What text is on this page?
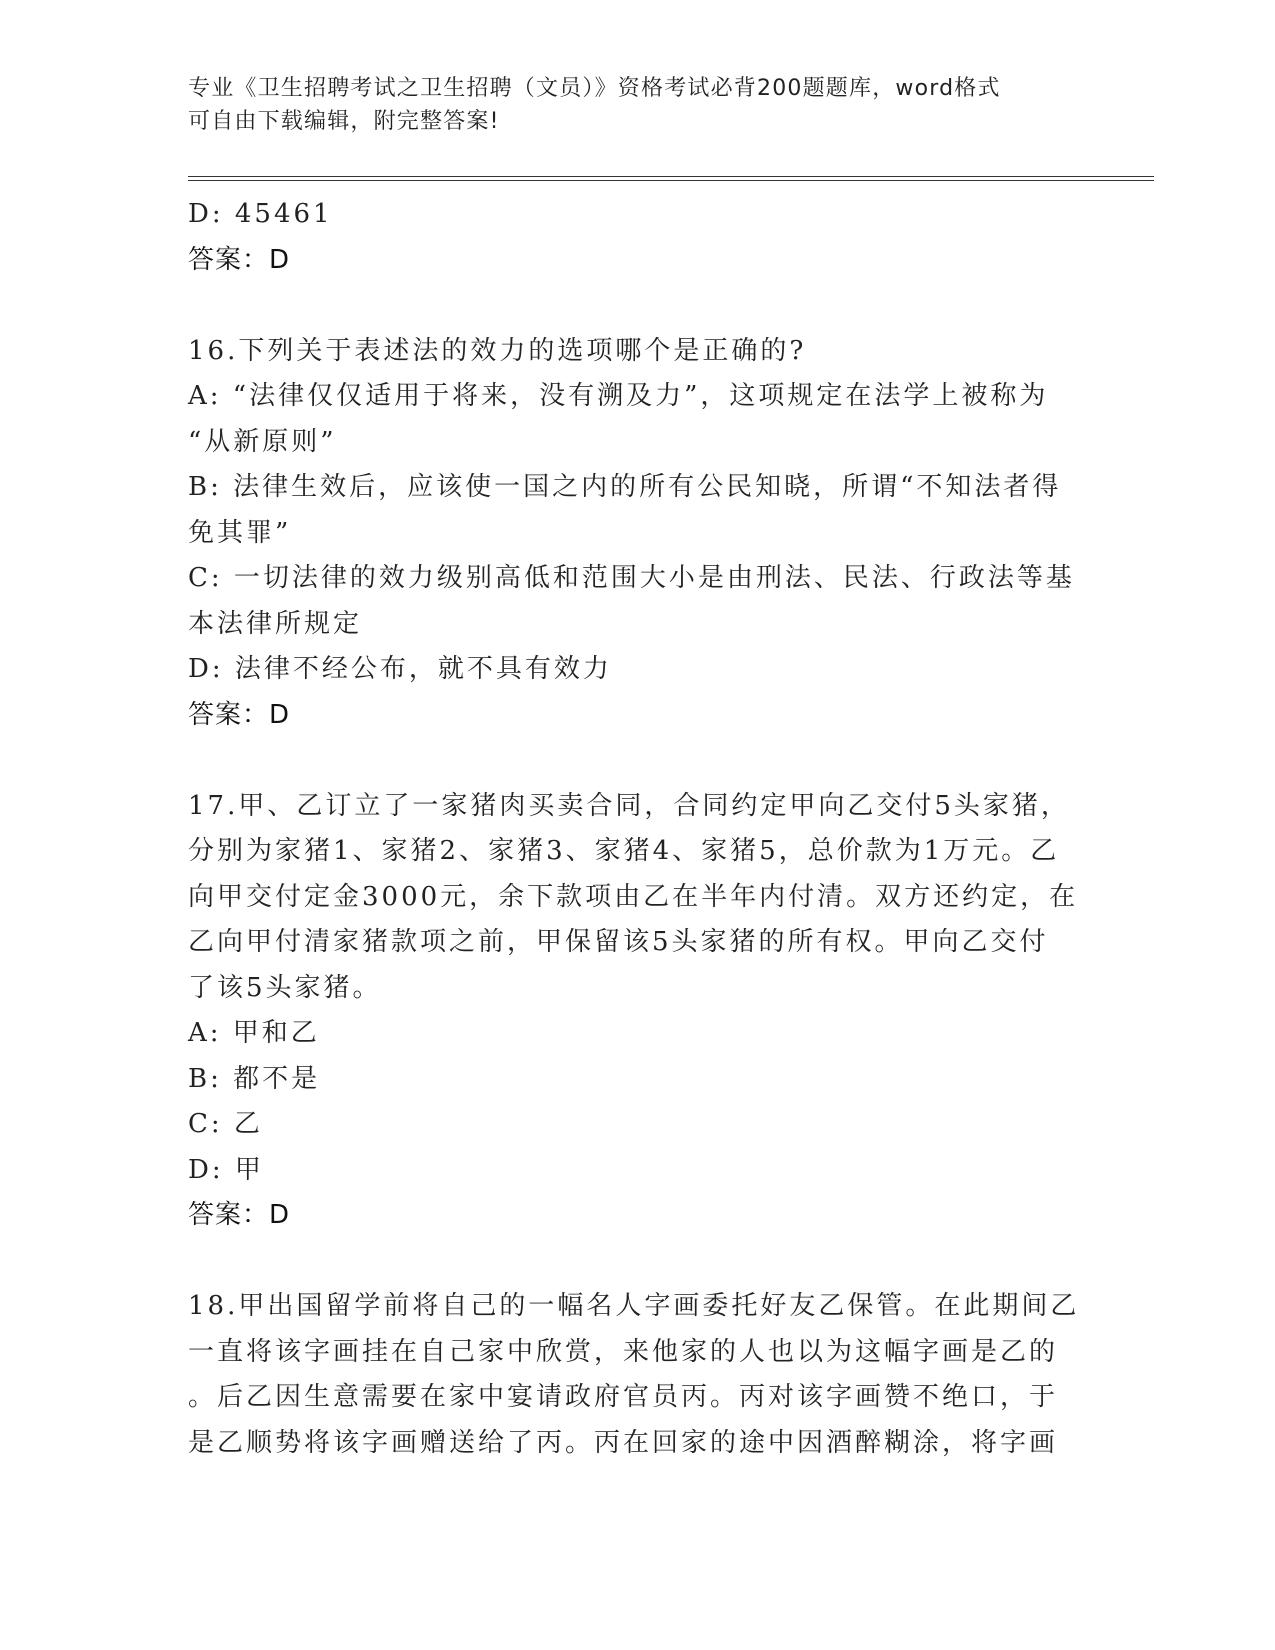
专业《卫生招聘考试之卫生招聘（文员）》资格考试必背200题题库，word格式
可自由下载编辑，附完整答案!
D: 45461
答案：D
16.下列关于表述法的效力的选项哪个是正确的?
A: “法律仅仅适用于将来，没有溯及力”，这项规定在法学上被称为
“从新原则”
B: 法律生效后，应该使一国之内的所有公民知晓，所谓“不知法者得
免其罪”
C: 一切法律的效力级别高低和范围大小是由刑法、民法、行政法等基
本法律所规定
D: 法律不经公布，就不具有效力
答案：D
17.甲、乙订立了一家猪肉买卖合同，合同约定甲向乙交付5头家猪，
分别为家猪1、家猪2、家猪3、家猪4、家猪5，总价款为1万元。乙
向甲交付定金3000元，余下款项由乙在半年内付清。双方还约定，在
乙向甲付清家猪款项之前，甲保留该5头家猪的所有权。甲向乙交付
了该5头家猪。
A: 甲和乙
B: 都不是
C: 乙
D: 甲
答案：D
18.甲出国留学前将自己的一幅名人字画委托好友乙保管。在此期间乙
一直将该字画挂在自己家中欣赏，来他家的人也以为这幅字画是乙的
。后乙因生意需要在家中宴请政府官员丙。丙对该字画赞不绝口，于
是乙顺势将该字画赠送给了丙。丙在回家的途中因酒醉糊涂，将字画
